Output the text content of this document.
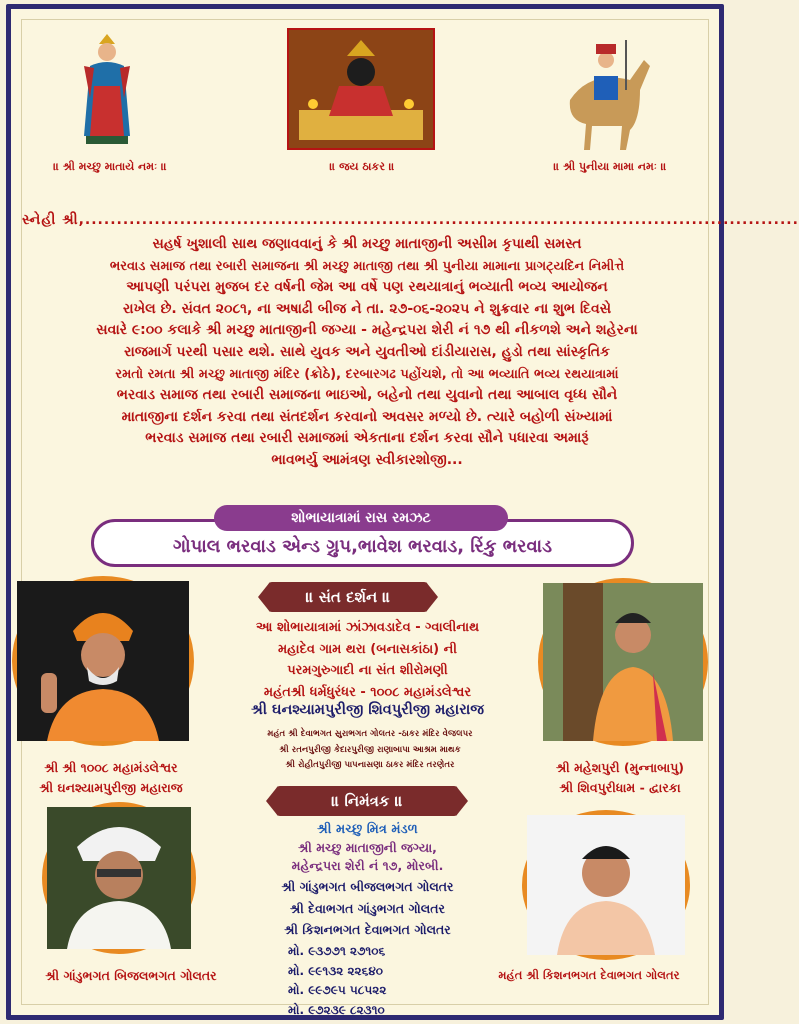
॥ શ્રી મચ્છુ માતાયે નમઃ ॥	॥ જય ઠાકર ॥	॥ શ્રી પુનીયા મામા નમઃ ॥
સ્નેહી શ્રી,.................................................................................................................
સહર્ષ ખુશાલી સાથ જણાવવાનું કે શ્રી મચ્છુ માતાજીની અસીમ કૃપાથી સમસ્ત
ભરવાડ સમાજ તથા રબારી સમાજના શ્રી મચ્છુ માતાજી તથા શ્રી પુનીયા મામાના પ્રાગટ્યદિન નિમીત્તે
આપણી પરંપરા મુજબ દર વર્ષની જેમ આ વર્ષે પણ રથયાત્રાનું ભવ્યાતી ભવ્ય આયોજન
રાખેલ છે. સંવત ૨૦૮૧, ના અષાઢી બીજ ને તા. ૨૭-૦૬-૨૦૨૫ ને શુક્રવાર ના શુભ દિવસે
સવારે ૯:૦૦ કલાકે શ્રી મચ્છુ માતાજીની જગ્યા - મહેન્દ્રપરા શેરી નં ૧૭ થી નીકળશે અને શહેરના
રાજમાર્ગ પરથી પસાર થશે. સાથે યુવક અને યુવતીઓ દાંડીયારાસ, હુડો તથા સાંસ્કૃતિક
રમતો રમતા શ્રી મચ્છુ માતાજી મંદિર (ક્રોઠે), દરબારગઢ પહોંચશે, તો આ ભવ્યાતિ ભવ્ય રથયાત્રામાં
ભરવાડ સમાજ તથા રબારી સમાજના ભાઇઓ, બહેનો તથા યુવાનો તથા આબાલ વૃધ્ધ સૌને
માતાજીના દર્શન કરવા તથા સંતદર્શન કરવાનો અવસર મળ્યો છે. ત્યારે બહોળી સંખ્યામાં
ભરવાડ સમાજ તથા રબારી સમાજમાં એકતાના દર્શન કરવા સૌને પધારવા અમારૂં
ભાવભર્યુ આમંત્રણ સ્વીકારશોજી...
શોભાયાત્રામાં રાસ રમઝટ
ગોપાલ ભરવાડ એન્ડ ગ્રુપ,ભાવેશ ભરવાડ, રિંકુ ભરવાડ
॥ સંત દર્શન ॥
શ્રી શ્રી ૧૦૦૮ મહામંડલેશ્વર
શ્રી ઘનશ્યામપુરીજી મહારાજ
શ્રી મહેશપુરી (મુન્નાબાપુ)
શ્રી શિવપુરીધામ - દ્વારકા
આ શોભાયાત્રામાં ઝાંઝાવડાદેવ - ગ્વાલીનાથ
મહાદેવ ગામ થરા (બનાસકાંઠા) ની
પરમગુરુગાદી ના સંત શીરોમણી
મહંતશ્રી ધર્મધુરંધર - ૧૦૦૮ મહામંડલેશ્વર
શ્રી ઘનશ્યામપુરીજી શિવપુરીજી મહારાજ
મહંત શ્રી દેવાભગત સુરાભગત ગોલતર -ઠાકર મંદિર વેજલપર
શ્રી રતનપુરીજી કેદારપુરીજી રાણાબાપા આશ્રમ માથક
શ્રી રોહીતપુરીજી પાપનાસણા ઠાકર મંદિર તરણેતર
॥ નિમંત્રક ॥
શ્રી મચ્છુ મિત્ર મંડળ
શ્રી મચ્છુ માતાજીની જગ્યા,
મહેન્દ્રપરા શેરી નં ૧૭, મોરબી.
શ્રી ગાંડુભગત બીજલભગત ગોલતર
શ્રી દેવાભગત ગાંડુભગત ગોલતર
શ્રી કિશનભગત દેવાભગત ગોલતર
મો. ૯૩૭૭૧ ૨૭૧૦૬
મો. ૯૯૧૩૨ ૨૨૬૪૦
મો. ૯૯૭૯૫ ૫૮૫૨૨
મો. ૯૭૨૩૯ ૮૨૩૧૦
શ્રી ગાંડુભગત બિજલભગત ગોલતર	મહંત શ્રી કિશનભગત દેવાભગત ગોલતર
